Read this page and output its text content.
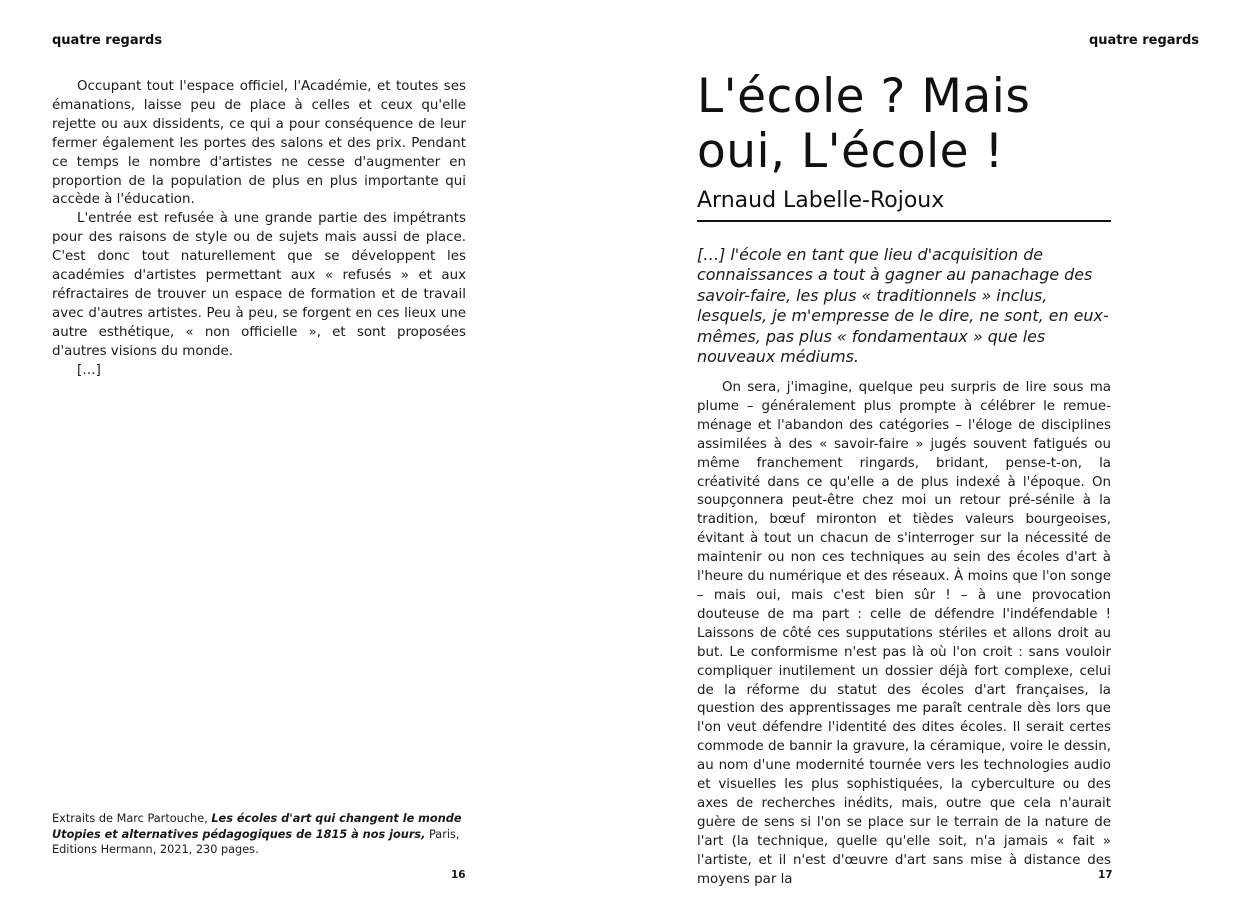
quatre regards	quatre regards

Occupant tout l'espace officiel, l'Académie, et toutes ses émanations, laisse peu de place à celles et ceux qu'elle rejette ou aux dissidents, ce qui a pour conséquence de leur fermer également les portes des salons et des prix. Pendant ce temps le nombre d'artistes ne cesse d'augmenter en proportion de la population de plus en plus importante qui accède à l'éducation.

L'entrée est refusée à une grande partie des impétrants pour des raisons de style ou de sujets mais aussi de place. C'est donc tout naturellement que se développent les académies d'artistes permettant aux « refusés » et aux réfractaires de trouver un espace de formation et de travail avec d'autres artistes. Peu à peu, se forgent en ces lieux une autre esthétique, « non officielle », et sont proposées d'autres visions du monde.

[…]

Extraits de Marc Partouche, Les écoles d'art qui changent le monde Utopies et alternatives pédagogiques de 1815 à nos jours, Paris, Editions Hermann, 2021, 230 pages.
16
L'école ? Mais oui, L'école !
Arnaud Labelle-Rojoux
[…] l'école en tant que lieu d'acquisition de connaissances a tout à gagner au panachage des savoir-faire, les plus « traditionnels » inclus, lesquels, je m'empresse de le dire, ne sont, en eux-mêmes, pas plus « fondamentaux » que les nouveaux médiums.

On sera, j'imagine, quelque peu surpris de lire sous ma plume – généralement plus prompte à célébrer le remue-ménage et l'abandon des catégories – l'éloge de disciplines assimilées à des « savoir-faire » jugés souvent fatigués ou même franchement ringards, bridant, pense-t-on, la créativité dans ce qu'elle a de plus indexé à l'époque. On soupçonnera peut-être chez moi un retour pré-sénile à la tradition, bœuf mironton et tièdes valeurs bourgeoises, évitant à tout un chacun de s'interroger sur la nécessité de maintenir ou non ces techniques au sein des écoles d'art à l'heure du numérique et des réseaux. À moins que l'on songe – mais oui, mais c'est bien sûr ! – à une provocation douteuse de ma part : celle de défendre l'indéfendable ! Laissons de côté ces supputations stériles et allons droit au but. Le conformisme n'est pas là où l'on croit : sans vouloir compliquer inutilement un dossier déjà fort complexe, celui de la réforme du statut des écoles d'art françaises, la question des apprentissages me paraît centrale dès lors que l'on veut défendre l'identité des dites écoles. Il serait certes commode de bannir la gravure, la céramique, voire le dessin, au nom d'une modernité tournée vers les technologies audio et visuelles les plus sophistiquées, la cyberculture ou des axes de recherches inédits, mais, outre que cela n'aurait guère de sens si l'on se place sur le terrain de la nature de l'art (la technique, quelle qu'elle soit, n'a jamais « fait » l'artiste, et il n'est d'œuvre d'art sans mise à distance des moyens par la	17
